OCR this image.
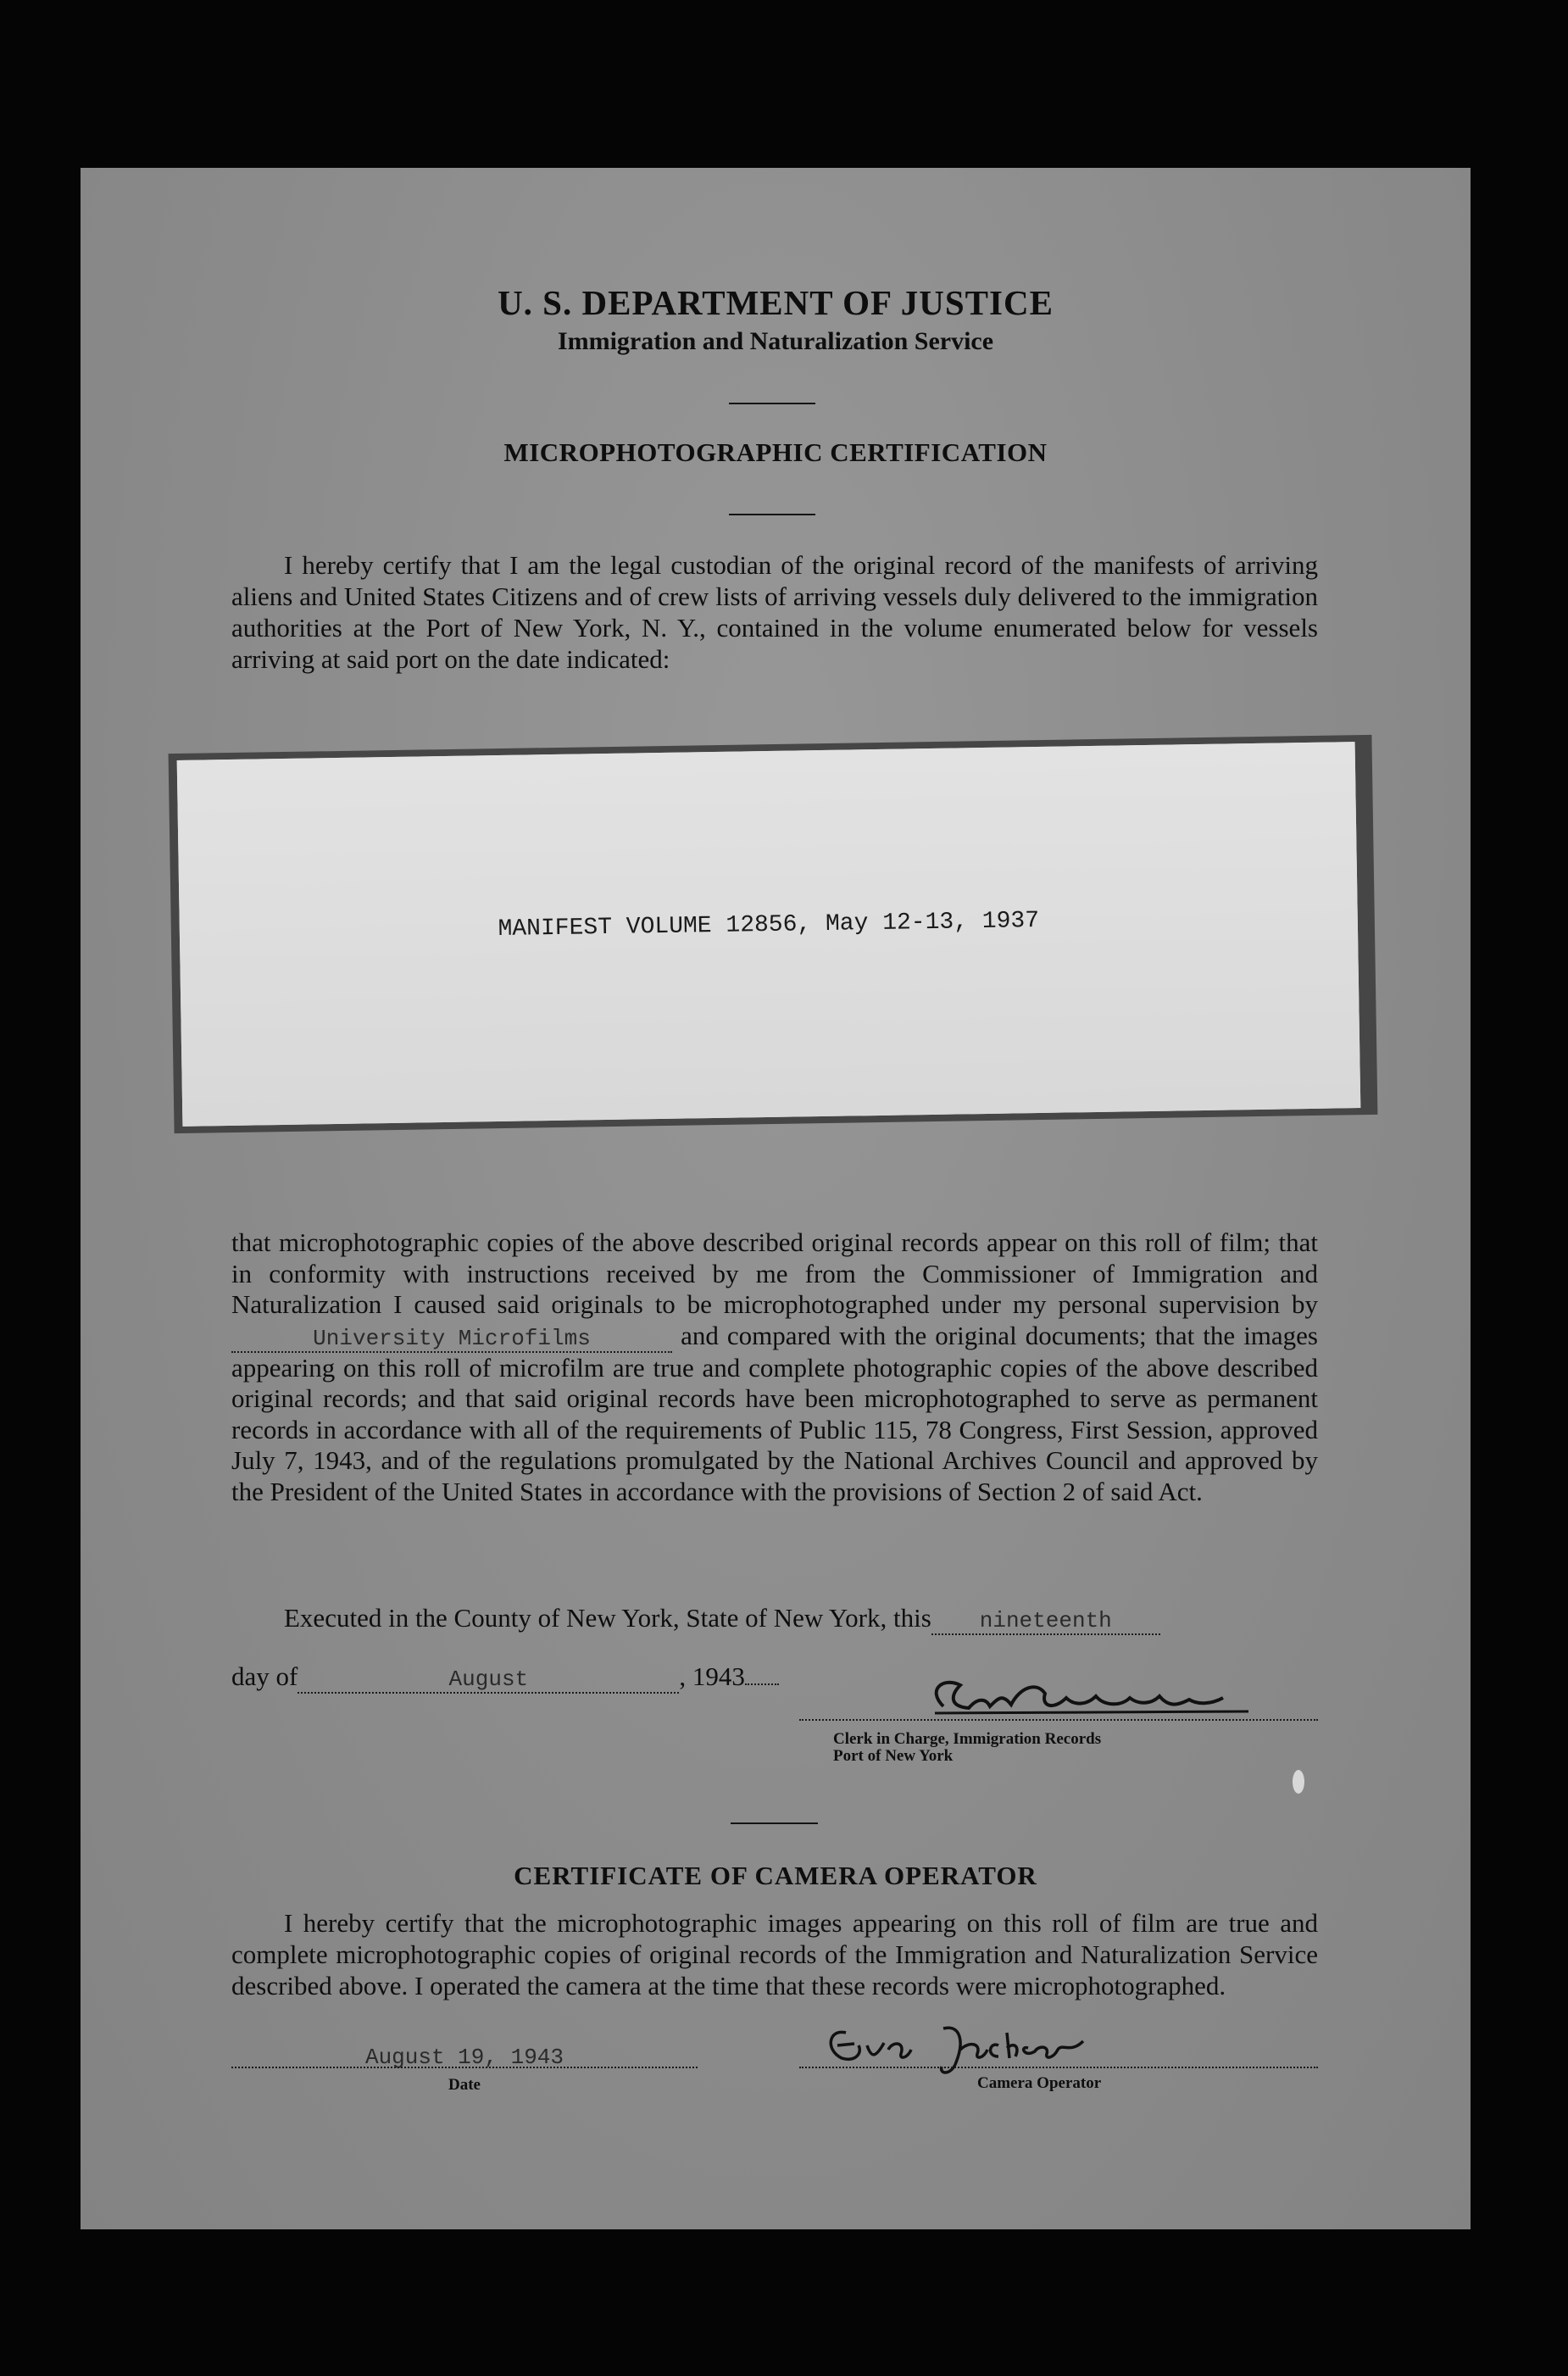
U. S. DEPARTMENT OF JUSTICE
Immigration and Naturalization Service
MICROPHOTOGRAPHIC CERTIFICATION

I hereby certify that I am the legal custodian of the original record of the manifests of arriving aliens and United States Citizens and of crew lists of arriving vessels duly delivered to the immigration authorities at the Port of New York, N. Y., contained in the volume enumerated below for vessels arriving at said port on the date indicated:

MANIFEST VOLUME 12856, May 12-13, 1937

that microphotographic copies of the above described original records appear on this roll of film; that in conformity with instructions received by me from the Commissioner of Immigration and Naturalization I caused said originals to be microphotographed under my personal supervision by University Microfilms	and compared with the original documents; that the images appearing on this roll of microfilm are true and complete photographic copies of the above described original records; and that said original records have been microphotographed to serve as permanent records in accordance with all of the requirements of Public 115, 78 Congress, First Session, approved July 7, 1943, and of the regulations promulgated by the National Archives Council and approved by the President of the United States in accordance with the provisions of Section 2 of said Act.

Executed in the County of New York, State of New York, this nineteenth
day of	August	, 1943
Clerk in Charge, Immigration Records
Port of New York
CERTIFICATE OF CAMERA OPERATOR

I hereby certify that the microphotographic images appearing on this roll of film are true and complete microphotographic copies of original records of the Immigration and Naturalization Service described above. I operated the camera at the time that these records were microphotographed.

August 19, 1943
Date	Camera Operator
